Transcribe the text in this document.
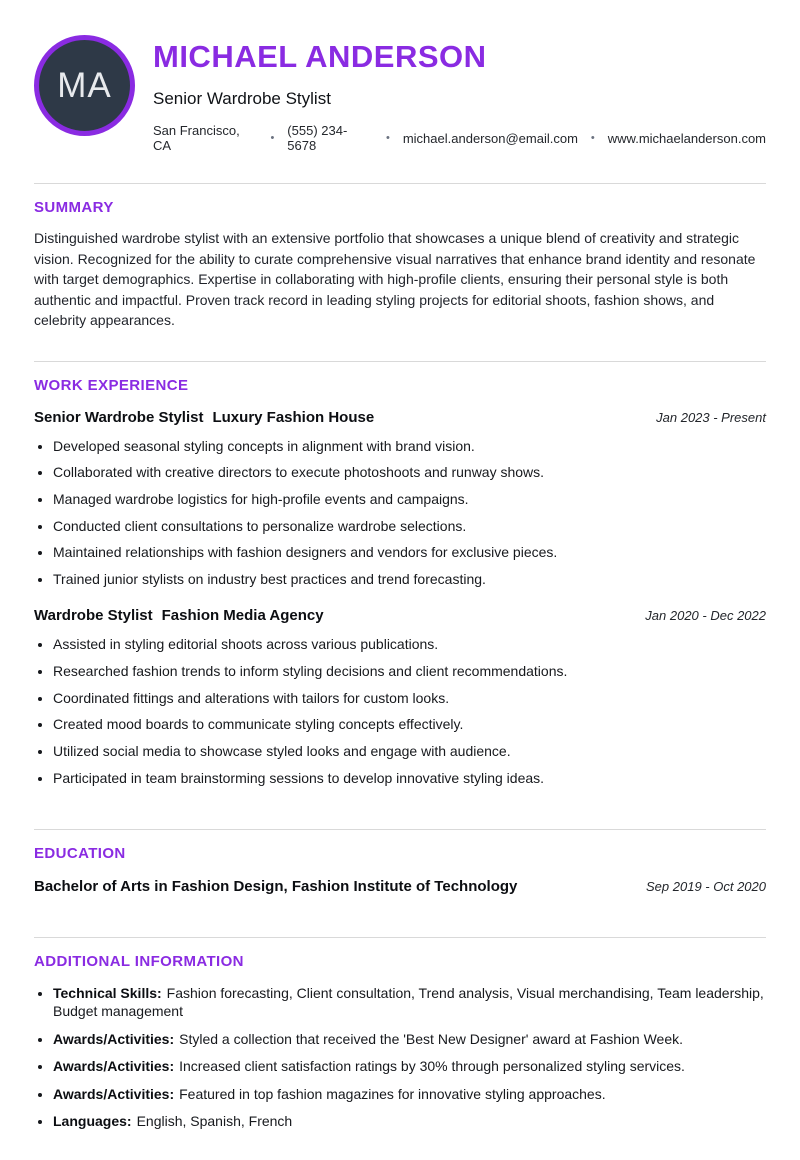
MA
MICHAEL ANDERSON
Senior Wardrobe Stylist
San Francisco, CA	• (555) 234-5678	• michael.anderson@email.com • www.michaelanderson.com
SUMMARY

Distinguished wardrobe stylist with an extensive portfolio that showcases a unique blend of creativity and strategic vision. Recognized for the ability to curate comprehensive visual narratives that enhance brand identity and resonate with target demographics. Expertise in collaborating with high-profile clients, ensuring their personal style is both authentic and impactful. Proven track record in leading styling projects for editorial shoots, fashion shows, and celebrity appearances.

WORK EXPERIENCE
Senior Wardrobe Stylist Luxury Fashion House	Jan 2023 - Present
• Developed seasonal styling concepts in alignment with brand vision.
• Collaborated with creative directors to execute photoshoots and runway shows.
• Managed wardrobe logistics for high-profile events and campaigns.
• Conducted client consultations to personalize wardrobe selections.
• Maintained relationships with fashion designers and vendors for exclusive pieces.
• Trained junior stylists on industry best practices and trend forecasting.
Wardrobe Stylist Fashion Media Agency	Jan 2020 - Dec 2022
• Assisted in styling editorial shoots across various publications.
• Researched fashion trends to inform styling decisions and client recommendations.
• Coordinated fittings and alterations with tailors for custom looks.
• Created mood boards to communicate styling concepts effectively.
• Utilized social media to showcase styled looks and engage with audience.
• Participated in team brainstorming sessions to develop innovative styling ideas.
EDUCATION
Bachelor of Arts in Fashion Design, Fashion Institute of Technology	Sep 2019 - Oct 2020
ADDITIONAL INFORMATION
• Technical Skills: Fashion forecasting, Client consultation, Trend analysis, Visual merchandising, Team leadership, Budget management
• Awards/Activities: Styled a collection that received the 'Best New Designer' award at Fashion Week.
• Awards/Activities: Increased client satisfaction ratings by 30% through personalized styling services.
• Awards/Activities: Featured in top fashion magazines for innovative styling approaches.
• Languages: English, Spanish, French
